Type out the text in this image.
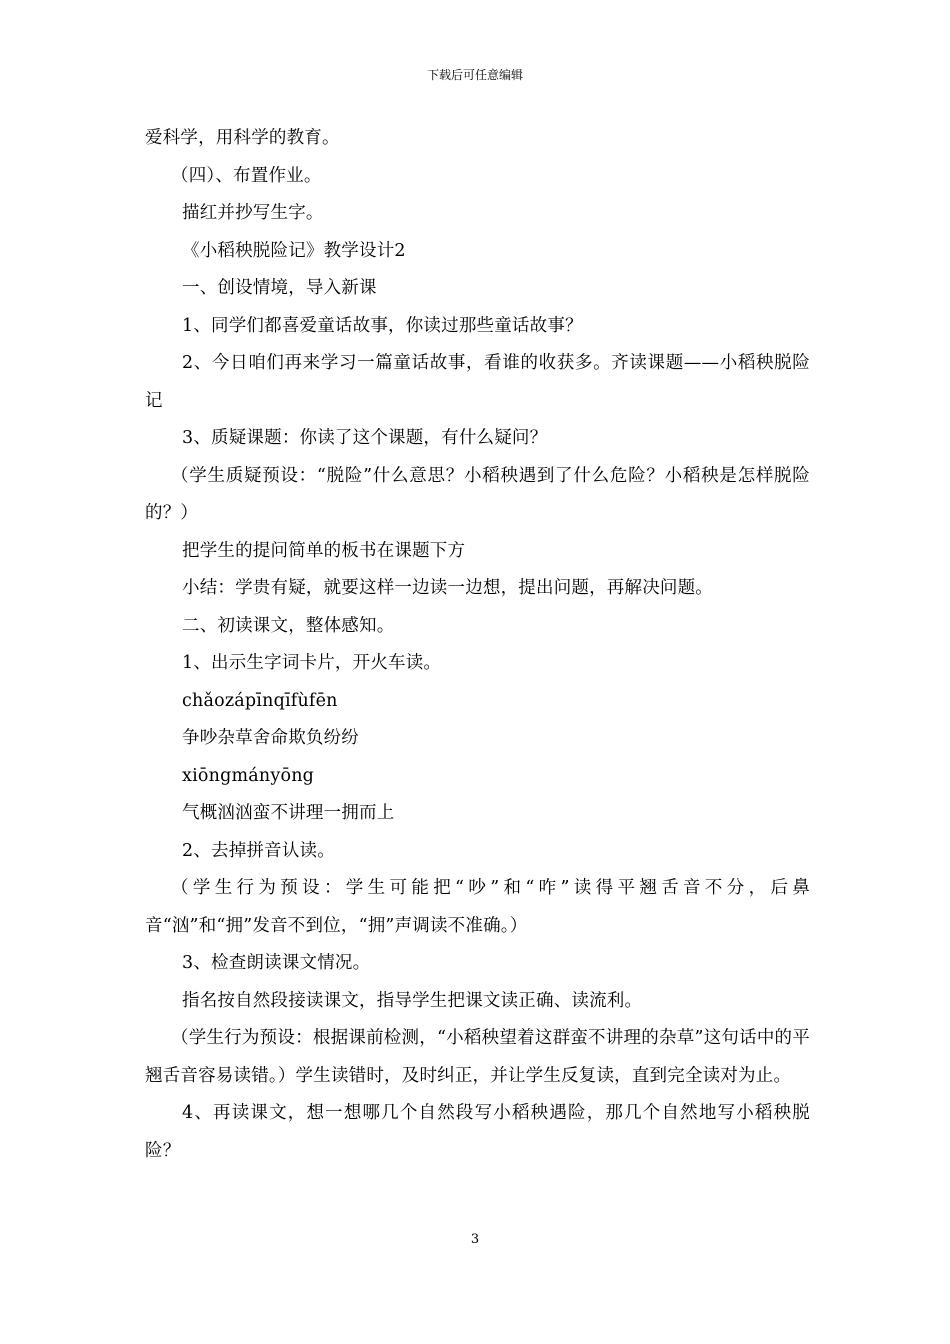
下载后可任意编辑

爱科学，用科学的教育。

（四）、布置作业。

描红并抄写生字。

《小稻秧脱险记》教学设计2

一、创设情境，导入新课

1、同学们都喜爱童话故事，你读过那些童话故事？

2、今日咱们再来学习一篇童话故事，看谁的收获多。齐读课题——小稻秧脱险记

3、质疑课题：你读了这个课题，有什么疑问？

（学生质疑预设：“脱险”什么意思？小稻秧遇到了什么危险？小稻秧是怎样脱险的？）

把学生的提问简单的板书在课题下方

小结：学贵有疑，就要这样一边读一边想，提出问题，再解决问题。

二、初读课文，整体感知。

1、出示生字词卡片，开火车读。

chǎozápīnqīfùfēn

争吵杂草舍命欺负纷纷

xiōngmányōng

气概汹汹蛮不讲理一拥而上

2、去掉拼音认读。

（学生行为预设：学生可能把“吵”和“咋”读得平翘舌音不分，后鼻音“汹”和“拥”发音不到位，“拥”声调读不准确。）

3、检查朗读课文情况。

指名按自然段接读课文，指导学生把课文读正确、读流利。

（学生行为预设：根据课前检测，“小稻秧望着这群蛮不讲理的杂草”这句话中的平翘舌音容易读错。）学生读错时，及时纠正，并让学生反复读，直到完全读对为止。

4、再读课文，想一想哪几个自然段写小稻秧遇险，那几个自然地写小稻秧脱险？

3
